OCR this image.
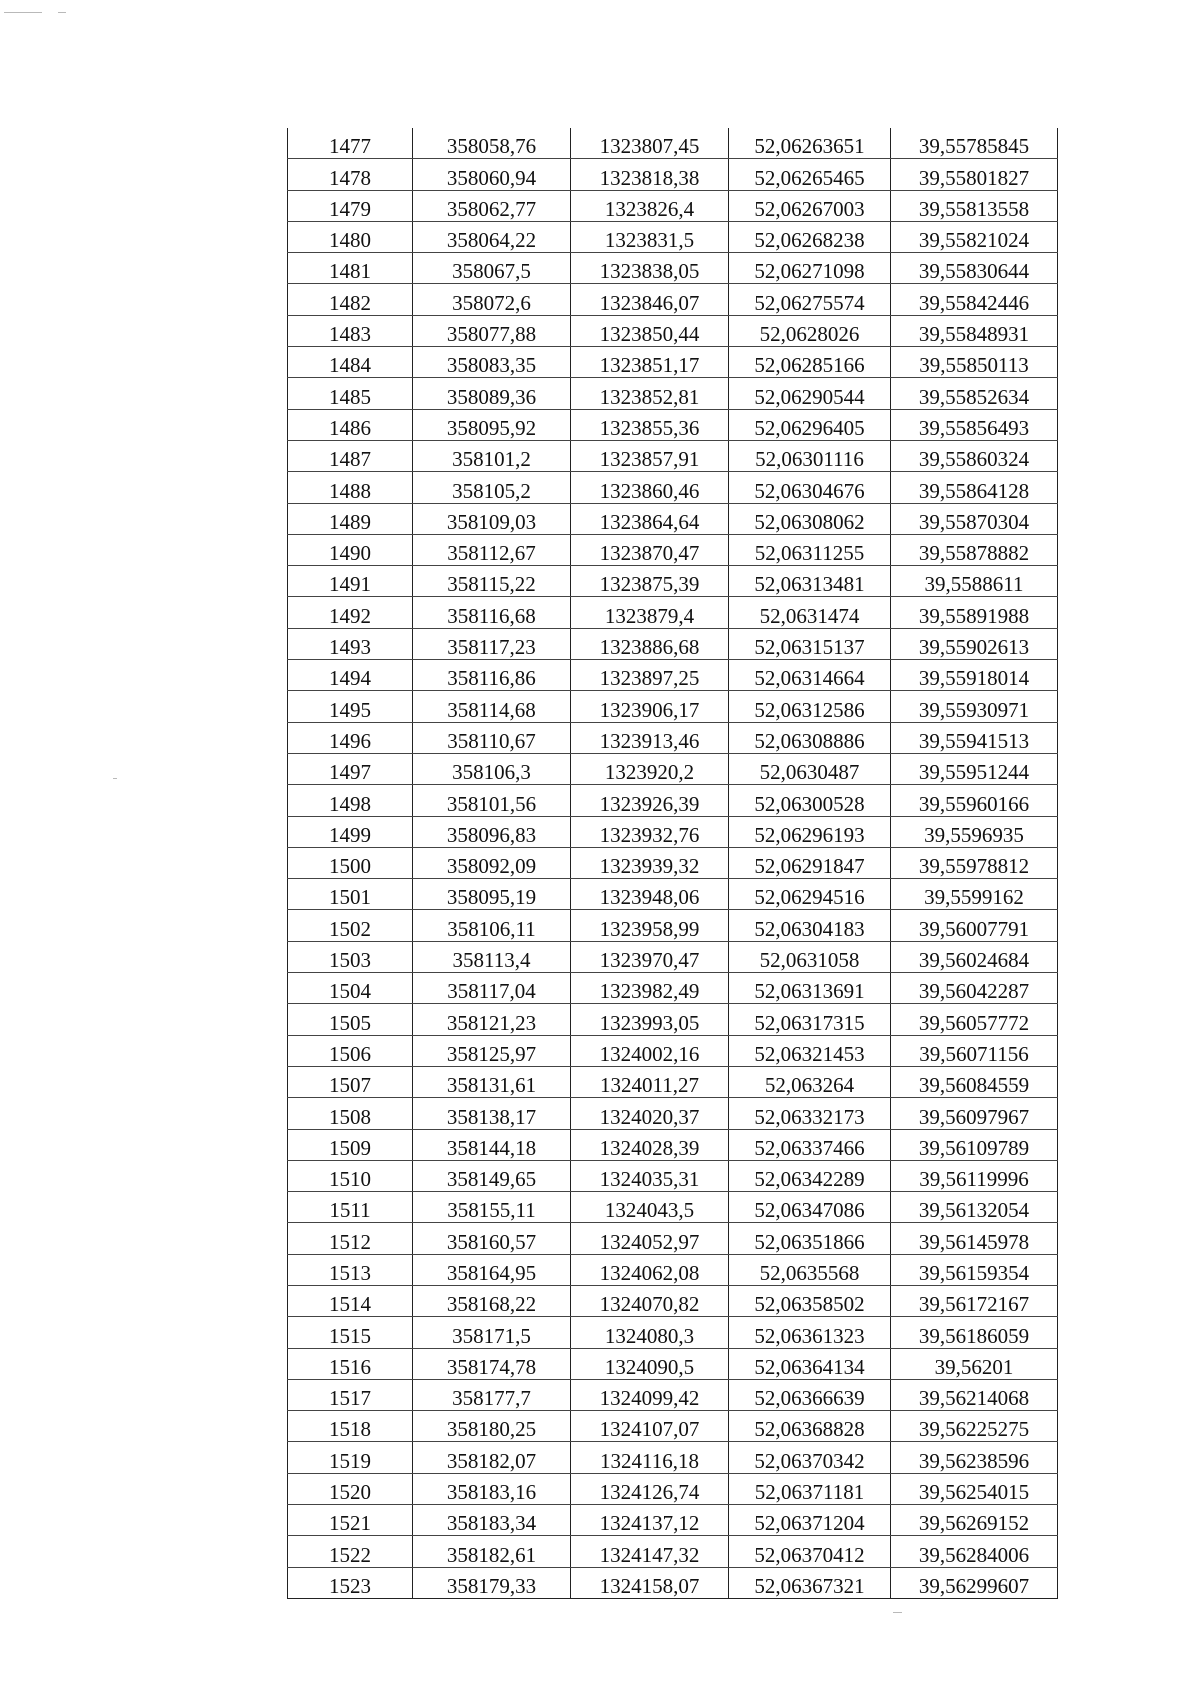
1477	358058,76	1323807,45	52,06263651	39,55785845
1478	358060,94	1323818,38	52,06265465	39,55801827
1479	358062,77	1323826,4	52,06267003	39,55813558
1480	358064,22	1323831,5	52,06268238	39,55821024
1481	358067,5	1323838,05	52,06271098	39,55830644
1482	358072,6	1323846,07	52,06275574	39,55842446
1483	358077,88	1323850,44	52,0628026	39,55848931
1484	358083,35	1323851,17	52,06285166	39,55850113
1485	358089,36	1323852,81	52,06290544	39,55852634
1486	358095,92	1323855,36	52,06296405	39,55856493
1487	358101,2	1323857,91	52,06301116	39,55860324
1488	358105,2	1323860,46	52,06304676	39,55864128
1489	358109,03	1323864,64	52,06308062	39,55870304
1490	358112,67	1323870,47	52,06311255	39,55878882
1491	358115,22	1323875,39	52,06313481	39,5588611
1492	358116,68	1323879,4	52,0631474	39,55891988
1493	358117,23	1323886,68	52,06315137	39,55902613
1494	358116,86	1323897,25	52,06314664	39,55918014
1495	358114,68	1323906,17	52,06312586	39,55930971
1496	358110,67	1323913,46	52,06308886	39,55941513
1497	358106,3	1323920,2	52,0630487	39,55951244
1498	358101,56	1323926,39	52,06300528	39,55960166
1499	358096,83	1323932,76	52,06296193	39,5596935
1500	358092,09	1323939,32	52,06291847	39,55978812
1501	358095,19	1323948,06	52,06294516	39,5599162
1502	358106,11	1323958,99	52,06304183	39,56007791
1503	358113,4	1323970,47	52,0631058	39,56024684
1504	358117,04	1323982,49	52,06313691	39,56042287
1505	358121,23	1323993,05	52,06317315	39,56057772
1506	358125,97	1324002,16	52,06321453	39,56071156
1507	358131,61	1324011,27	52,063264	39,56084559
1508	358138,17	1324020,37	52,06332173	39,56097967
1509	358144,18	1324028,39	52,06337466	39,56109789
1510	358149,65	1324035,31	52,06342289	39,56119996
1511	358155,11	1324043,5	52,06347086	39,56132054
1512	358160,57	1324052,97	52,06351866	39,56145978
1513	358164,95	1324062,08	52,0635568	39,56159354
1514	358168,22	1324070,82	52,06358502	39,56172167
1515	358171,5	1324080,3	52,06361323	39,56186059
1516	358174,78	1324090,5	52,06364134	39,56201
1517	358177,7	1324099,42	52,06366639	39,56214068
1518	358180,25	1324107,07	52,06368828	39,56225275
1519	358182,07	1324116,18	52,06370342	39,56238596
1520	358183,16	1324126,74	52,06371181	39,56254015
1521	358183,34	1324137,12	52,06371204	39,56269152
1522	358182,61	1324147,32	52,06370412	39,56284006
1523	358179,33	1324158,07	52,06367321	39,56299607
